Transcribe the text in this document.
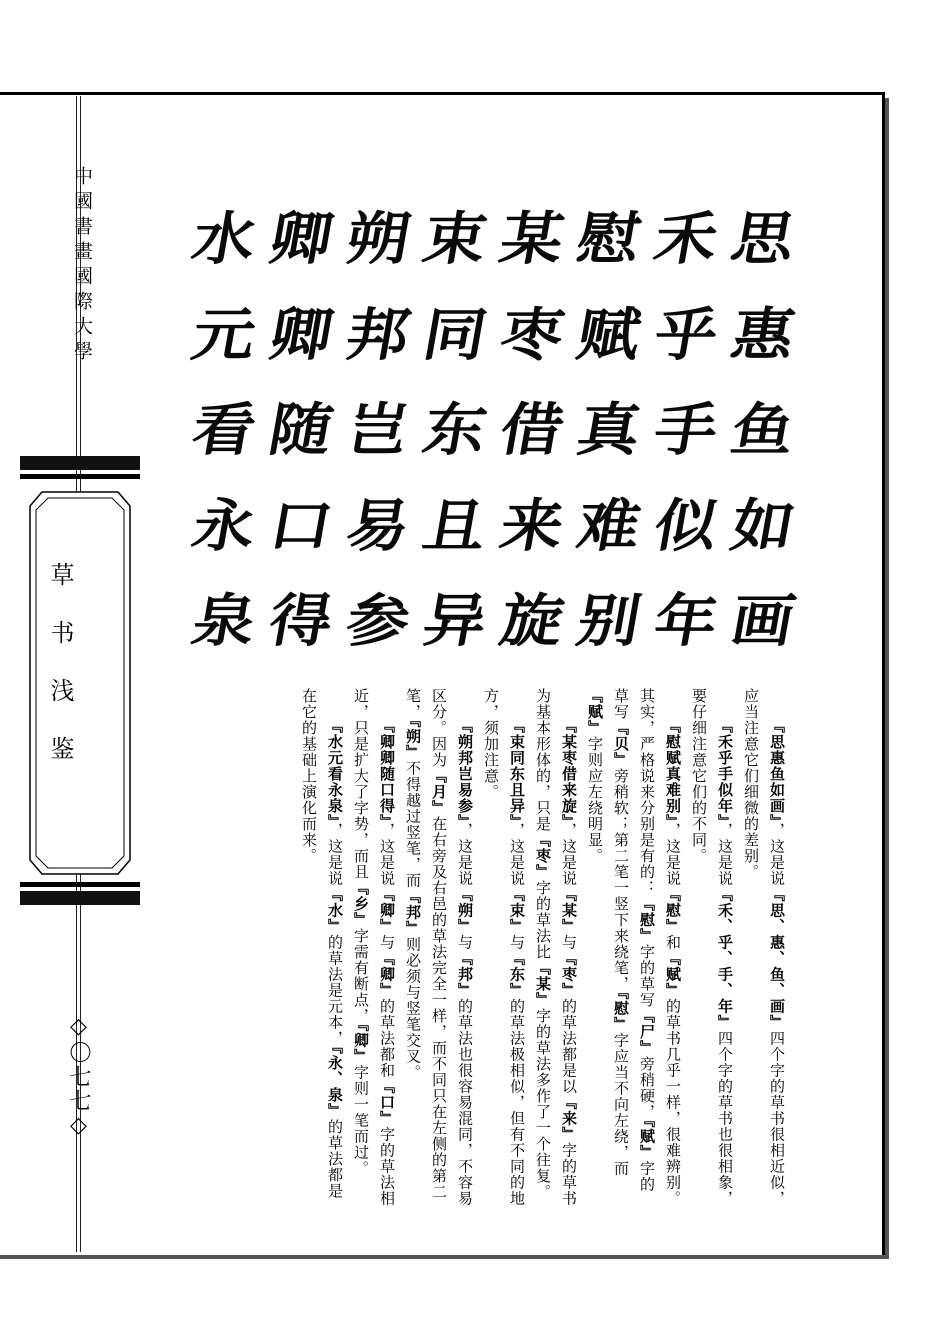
中國書畫國際大學
草书浅鉴
◇〇七七◇
思
惠
鱼
如
画
禾
乎
手
似
年
慰
赋
真
难
别
某
枣
借
来
旋
束
同
东
且
异
朔
邦
岂
易
参
卿
卿
随
口
得
水
元
看
永
泉

『思惠鱼如画』，这是说『思、惠、鱼、画』四个字的草书很相近似，应当注意它们细微的差别。

『禾乎手似年』，这是说『禾、乎、手、年』四个字的草书也很相象，要仔细注意它们的不同。

『慰赋真难别』，这是说『慰』和『赋』的草书几乎一样，很难辨别。其实，严格说来分别是有的：『慰』字的草写『尸』旁稍硬，『赋』字的草写『贝』旁稍软；第二笔一竖下来绕笔，『慰』字应当不向左绕，而『赋』字则应左绕明显。

『某枣借来旋』，这是说『某』与『枣』的草法都是以『来』字的草书为基本形体的，只是『枣』字的草法比『某』字的草法多作了一个往复。

『束同东且异』，这是说『束』与『东』的草法极相似，但有不同的地方，须加注意。

『朔邦岂易参』，这是说『朔』与『邦』的草法也很容易混同，不容易区分。因为『月』在右旁及右邑的草法完全一样，而不同只在左侧的第二笔，『朔』不得越过竖笔，而『邦』则必须与竖笔交叉。

『卿卿随口得』，这是说『卿』与『卿』的草法都和『口』字的草法相近，只是扩大了字势，而且『乡』字需有断点，『卿』字则一笔而过。

『水元看永泉』，这是说『水』的草法是元本，『永、泉』的草法都是在它的基础上演化而来。
